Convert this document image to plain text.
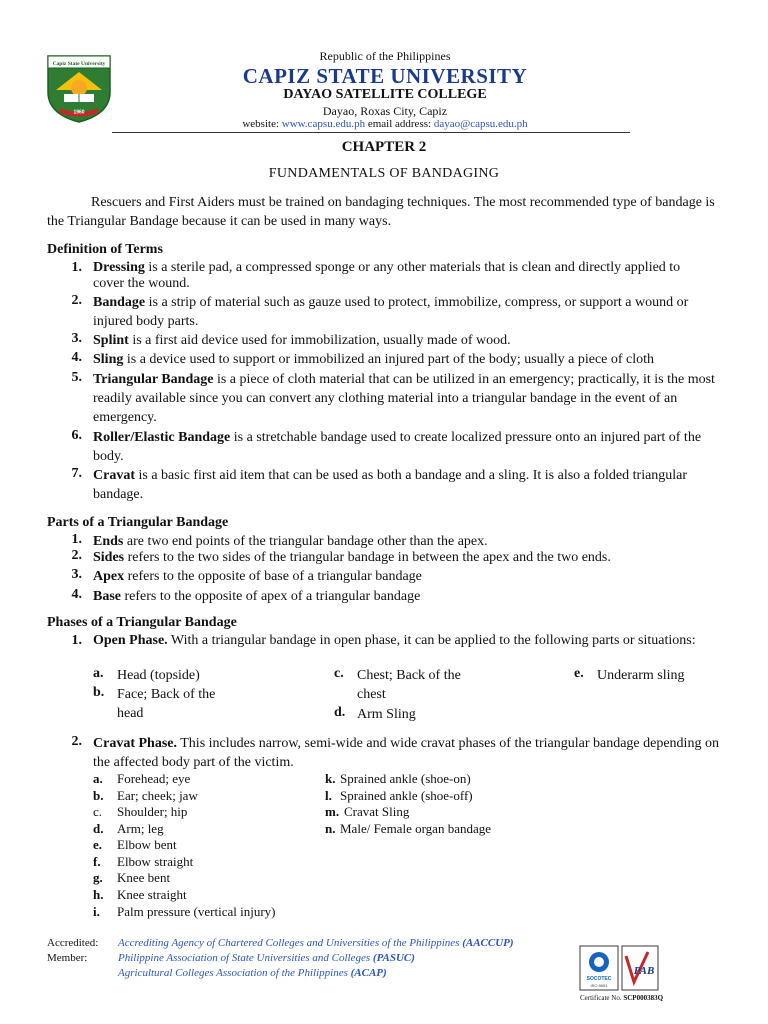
Capiz State University
1960
Republic of the Philippines
CAPIZ STATE UNIVERSITY
DAYAO SATELLITE COLLEGE
Dayao, Roxas City, Capiz
website: www.capsu.edu.ph email address: dayao@capsu.edu.ph
CHAPTER 2
FUNDAMENTALS OF BANDAGING
Rescuers and First Aiders must be trained on bandaging techniques. The most recommended type of bandage is the Triangular Bandage because it can be used in many ways.
Definition of Terms
1. Dressing is a sterile pad, a compressed sponge or any other materials that is clean and directly applied to cover the wound.
2. Bandage is a strip of material such as gauze used to protect, immobilize, compress, or support a wound or injured body parts.
3. Splint is a first aid device used for immobilization, usually made of wood.
4. Sling is a device used to support or immobilized an injured part of the body; usually a piece of cloth
5. Triangular Bandage is a piece of cloth material that can be utilized in an emergency; practically, it is the most readily available since you can convert any clothing material into a triangular bandage in the event of an emergency.
6. Roller/Elastic Bandage is a stretchable bandage used to create localized pressure onto an injured part of the body.
7. Cravat is a basic first aid item that can be used as both a bandage and a sling. It is also a folded triangular bandage.
Parts of a Triangular Bandage
1. Ends are two end points of the triangular bandage other than the apex.
2. Sides refers to the two sides of the triangular bandage in between the apex and the two ends.
3. Apex refers to the opposite of base of a triangular bandage
4. Base refers to the opposite of apex of a triangular bandage
Phases of a Triangular Bandage
1. Open Phase. With a triangular bandage in open phase, it can be applied to the following parts or situations:
a. Head (topside)
b. Face; Back of the head
c. Chest; Back of the chest
d. Arm Sling
e. Underarm sling
2. Cravat Phase. This includes narrow, semi-wide and wide cravat phases of the triangular bandage depending on the affected body part of the victim.
a. Forehead; eye
b. Ear; cheek; jaw
c. Shoulder; hip
d. Arm; leg
e. Elbow bent
f. Elbow straight
g. Knee bent
h. Knee straight
i. Palm pressure (vertical injury)
k. Sprained ankle (shoe-on)
l. Sprained ankle (shoe-off)
m. Cravat Sling
n. Male/ Female organ bandage
Accredited:
Member:
Accrediting Agency of Chartered Colleges and Universities of the Philippines (AACCUP)
Philippine Association of State Universities and Colleges (PASUC)
Agricultural Colleges Association of the Philippines (ACAP)	SOCOTEC
ISO 9001
PAB
Certificate No. SCP000383Q
